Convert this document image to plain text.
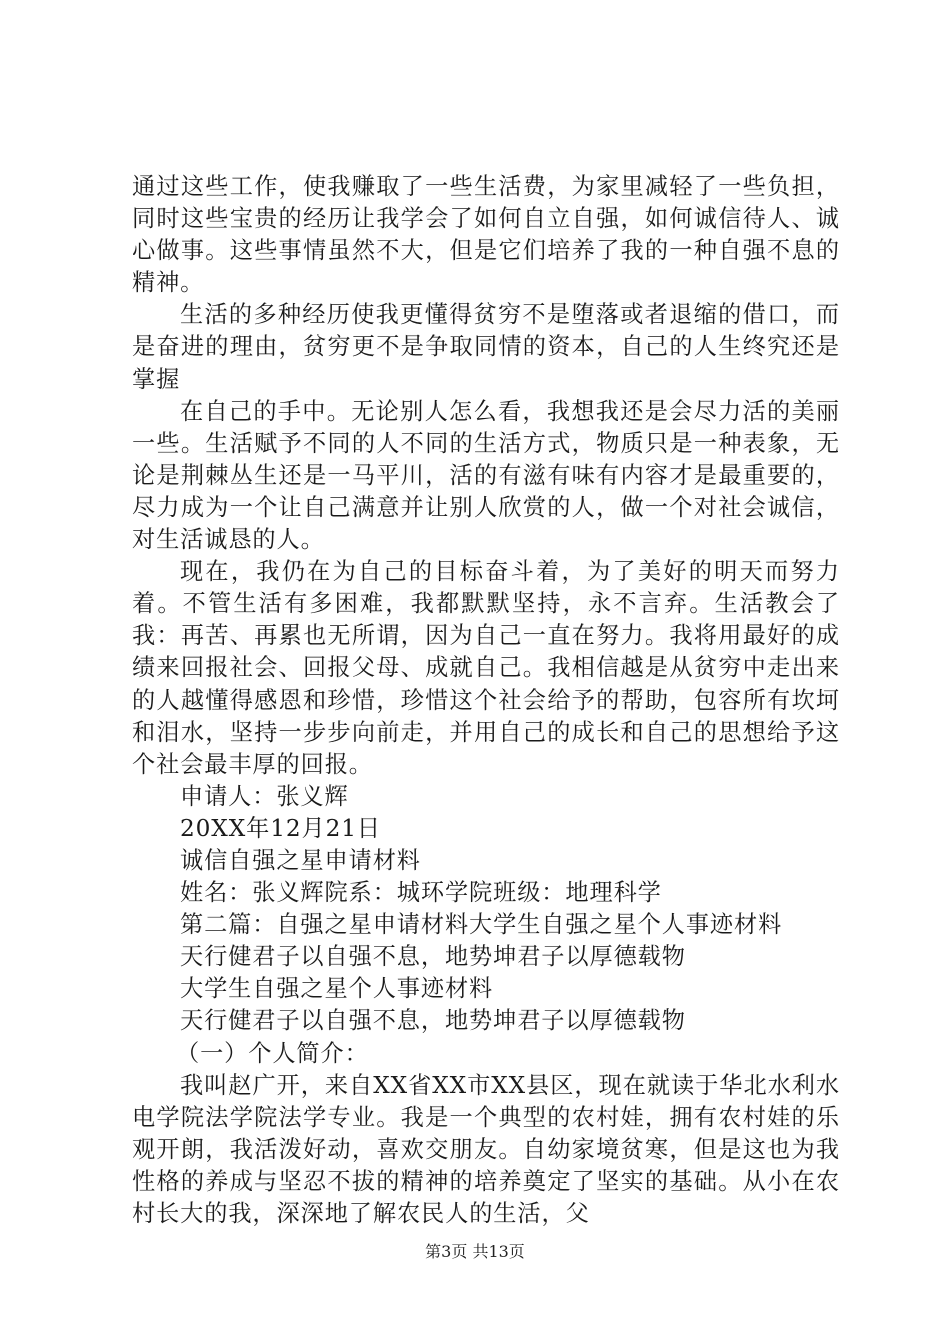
通过这些工作，使我赚取了一些生活费，为家里减轻了一些负担，同时这些宝贵的经历让我学会了如何自立自强，如何诚信待人、诚心做事。这些事情虽然不大，但是它们培养了我的一种自强不息的精神。

生活的多种经历使我更懂得贫穷不是堕落或者退缩的借口，而是奋进的理由，贫穷更不是争取同情的资本，自己的人生终究还是掌握

在自己的手中。无论别人怎么看，我想我还是会尽力活的美丽一些。生活赋予不同的人不同的生活方式，物质只是一种表象，无论是荆棘丛生还是一马平川，活的有滋有味有内容才是最重要的，尽力成为一个让自己满意并让别人欣赏的人，做一个对社会诚信，对生活诚恳的人。

现在，我仍在为自己的目标奋斗着，为了美好的明天而努力着。不管生活有多困难，我都默默坚持，永不言弃。生活教会了我：再苦、再累也无所谓，因为自己一直在努力。我将用最好的成绩来回报社会、回报父母、成就自己。我相信越是从贫穷中走出来的人越懂得感恩和珍惜，珍惜这个社会给予的帮助，包容所有坎坷和泪水，坚持一步步向前走，并用自己的成长和自己的思想给予这个社会最丰厚的回报。

申请人：张义辉

20XX年12月21日

诚信自强之星申请材料

姓名：张义辉院系：城环学院班级：地理科学

第二篇：自强之星申请材料大学生自强之星个人事迹材料

天行健君子以自强不息，地势坤君子以厚德载物

大学生自强之星个人事迹材料

天行健君子以自强不息，地势坤君子以厚德载物

（一）个人简介：

我叫赵广开，来自XX省XX市XX县区，现在就读于华北水利水电学院法学院法学专业。我是一个典型的农村娃，拥有农村娃的乐观开朗，我活泼好动，喜欢交朋友。自幼家境贫寒，但是这也为我性格的养成与坚忍不拔的精神的培养奠定了坚实的基础。从小在农村长大的我，深深地了解农民人的生活，父

第3页 共13页
